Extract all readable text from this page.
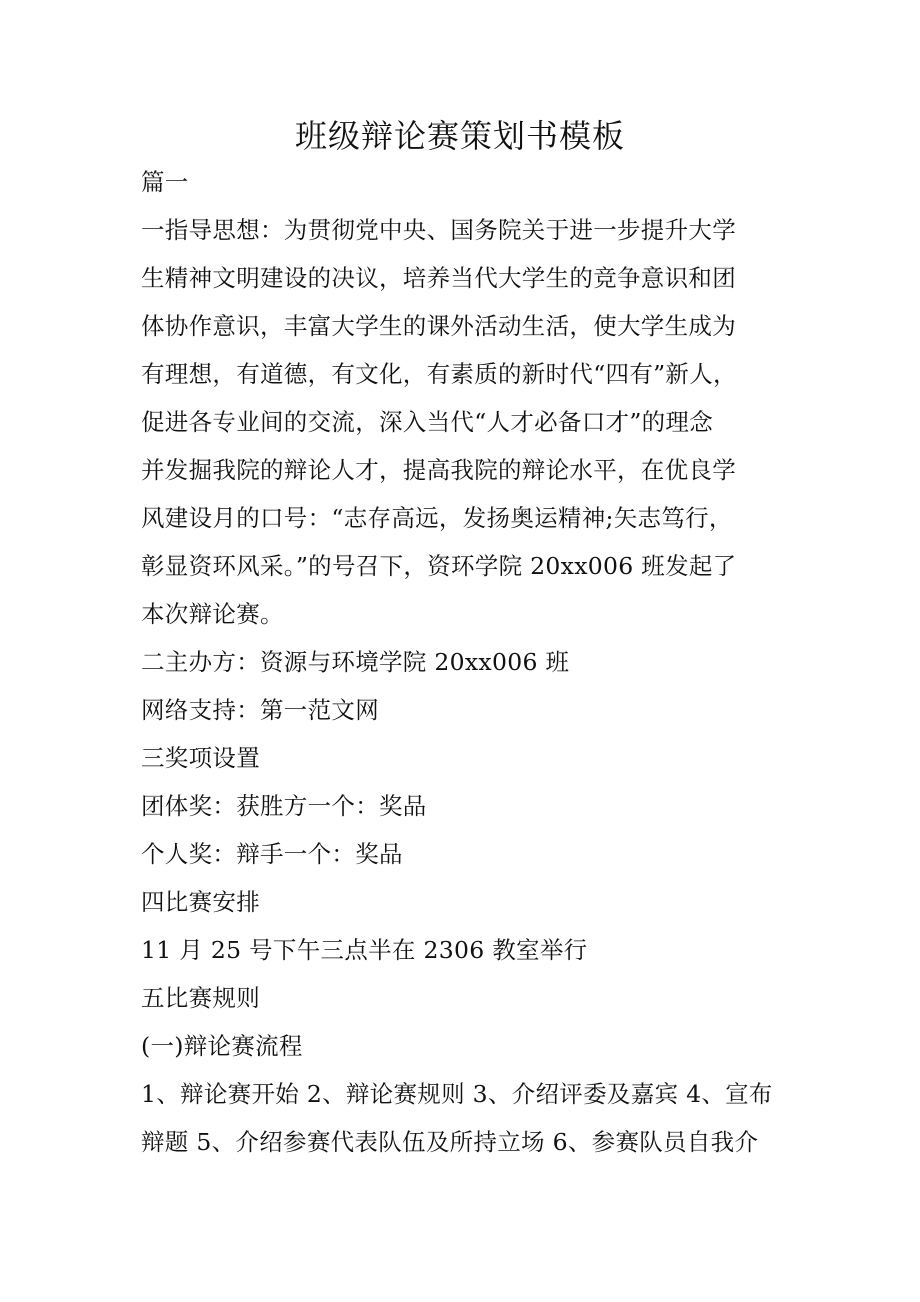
班级辩论赛策划书模板

篇一

一指导思想：为贯彻党中央、国务院关于进一步提升大学

生精神文明建设的决议，培养当代大学生的竞争意识和团

体协作意识，丰富大学生的课外活动生活，使大学生成为

有理想，有道德，有文化，有素质的新时代“四有”新人，

促进各专业间的交流，深入当代“人才必备口才”的理念

并发掘我院的辩论人才，提高我院的辩论水平，在优良学

风建设月的口号：“志存高远，发扬奥运精神;矢志笃行，

彰显资环风采。”的号召下，资环学院 20xx006 班发起了

本次辩论赛。

二主办方：资源与环境学院 20xx006 班

网络支持：第一范文网

三奖项设置

团体奖：获胜方一个：奖品

个人奖：辩手一个：奖品

四比赛安排

11 月 25 号下午三点半在 2306 教室举行

五比赛规则

(一)辩论赛流程

1、辩论赛开始 2、辩论赛规则 3、介绍评委及嘉宾 4、宣布

辩题 5、介绍参赛代表队伍及所持立场 6、参赛队员自我介
